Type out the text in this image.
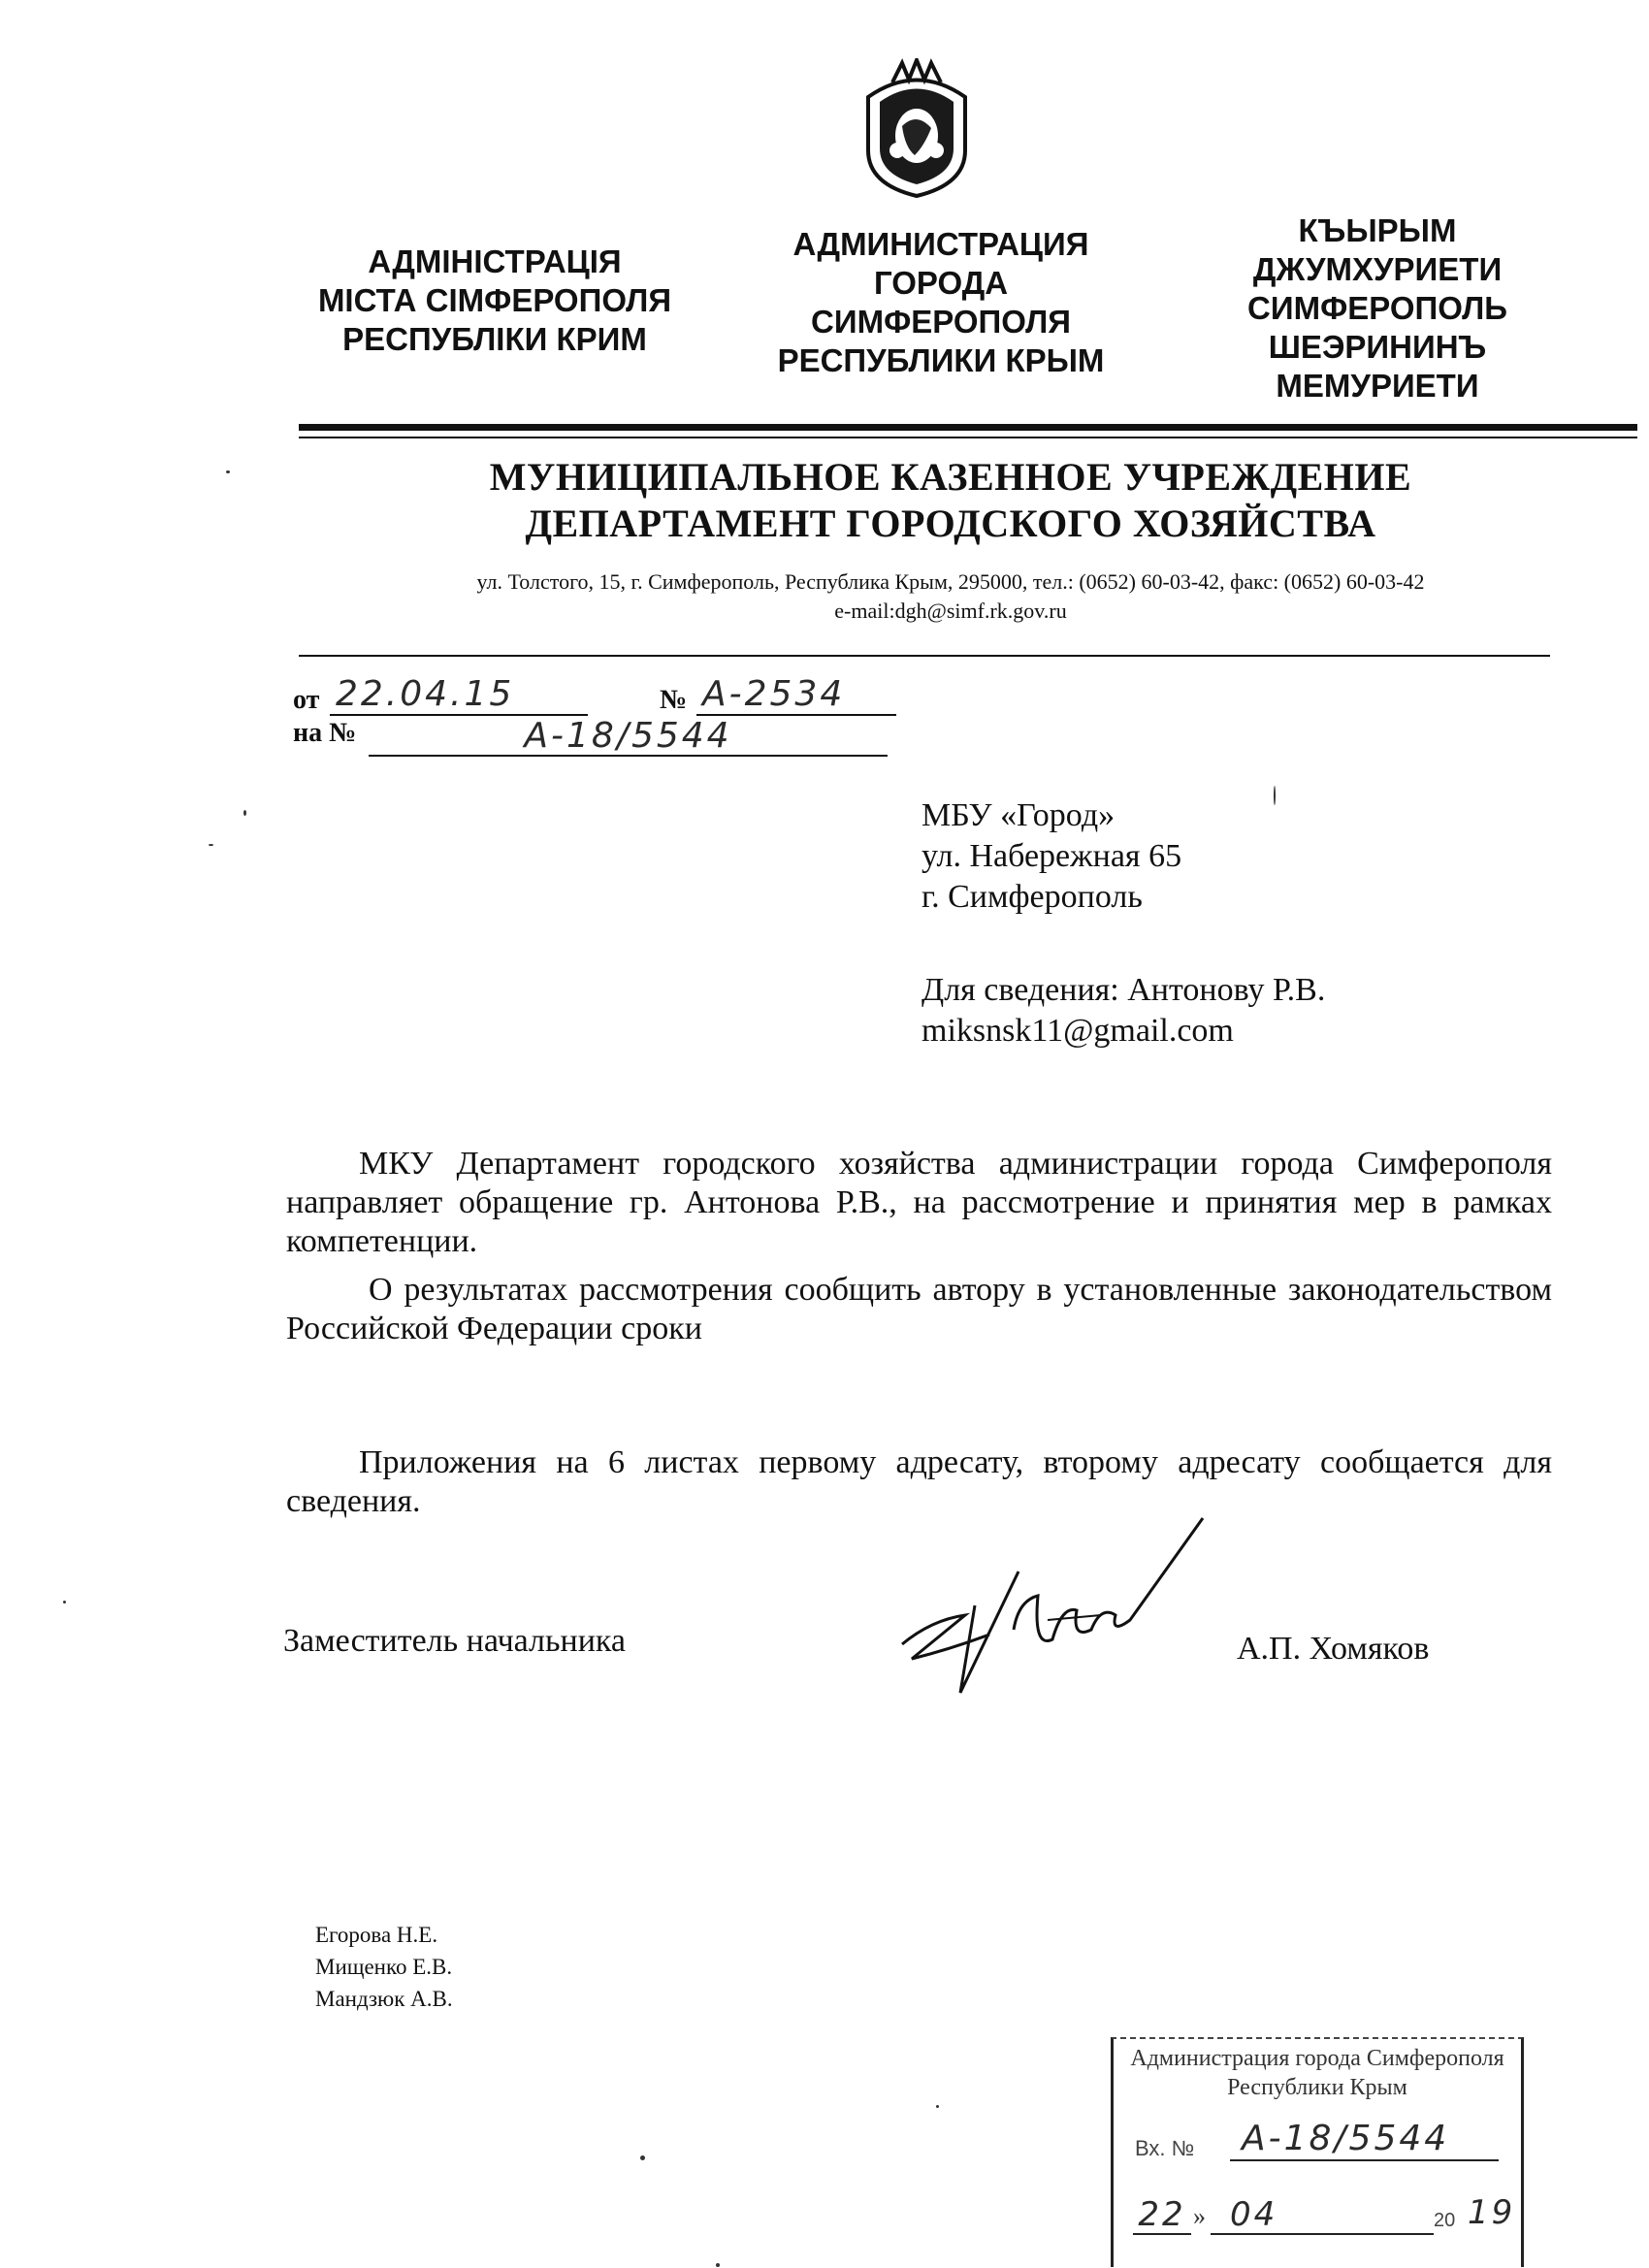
АДМІНІСТРАЦІЯ
МІСТА СІМФЕРОПОЛЯ
РЕСПУБЛІКИ КРИМ
АДМИНИСТРАЦИЯ
ГОРОДА
СИМФЕРОПОЛЯ
РЕСПУБЛИКИ КРЫМ
КЪЫРЫМ
ДЖУМХУРИЕТИ
СИМФЕРОПОЛЬ
ШЕЭРИНИНЪ
МЕМУРИЕТИ
МУНИЦИПАЛЬНОЕ КАЗЕННОЕ УЧРЕЖДЕНИЕ
ДЕПАРТАМЕНТ ГОРОДСКОГО ХОЗЯЙСТВА
ул. Толстого, 15, г. Симферополь, Республика Крым, 295000, тел.: (0652) 60-03-42, факс: (0652) 60-03-42
e-mail:dgh@simf.rk.gov.ru
от 22.04.15	№ А-2534
на №	А-18/5544
МБУ «Город»
ул. Набережная 65
г. Симферополь
Для сведения: Антонову Р.В.
miksnsk11@gmail.com
МКУ Департамент городского хозяйства администрации города Симферополя направляет обращение гр. Антонова Р.В., на рассмотрение и принятия мер в рамках компетенции.
О результатах рассмотрения сообщить автору в установленные законодательством Российской Федерации сроки
Приложения на 6 листах первому адресату, второму адресату сообщается для сведения.
Заместитель начальника	А.П. Хомяков
Егорова Н.Е.
Мищенко Е.В.
Мандзюк А.В.
Администрация города Симферополя
Республики Крым
Вх. №	А-18/5544
22 » 04	20 19
